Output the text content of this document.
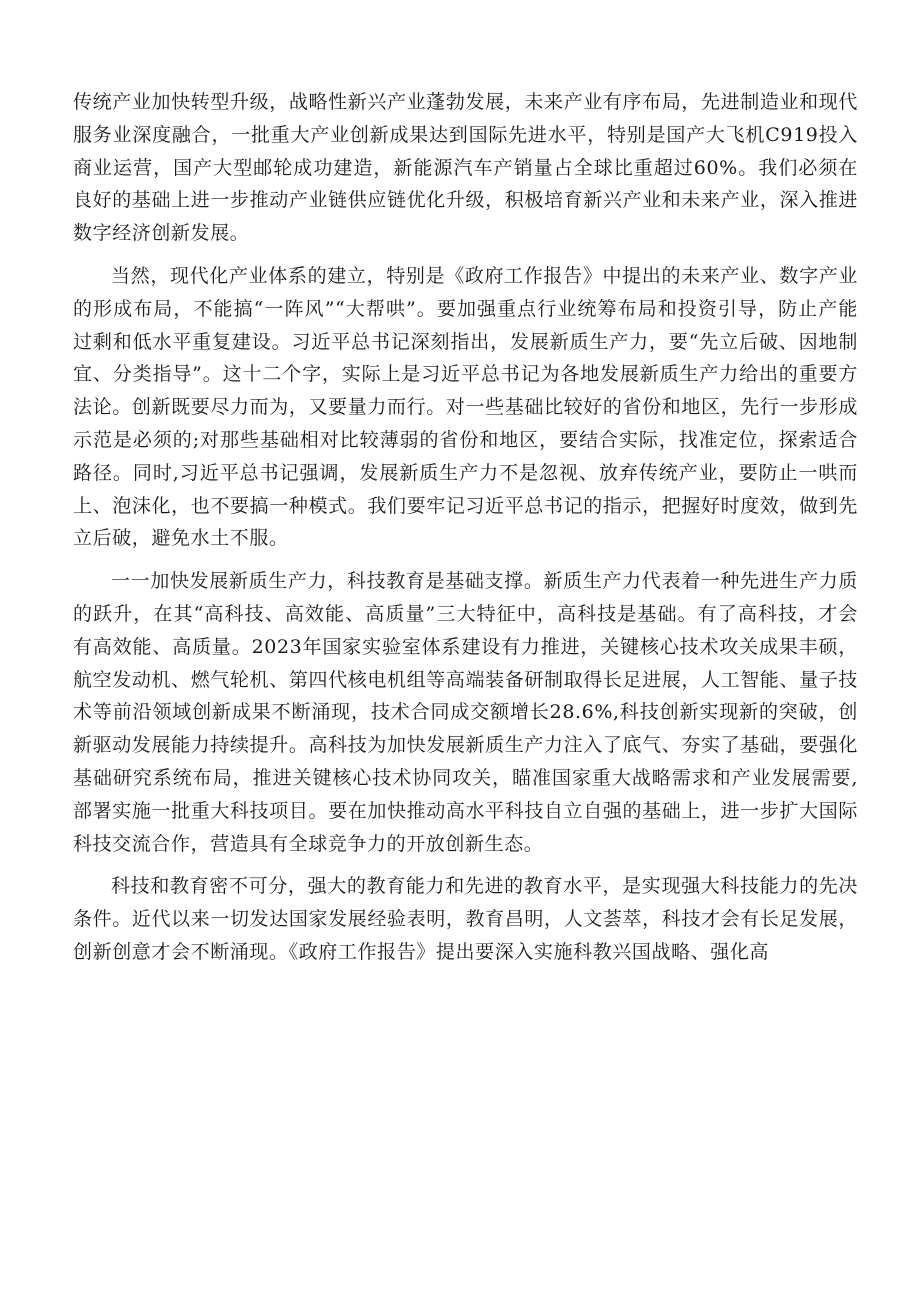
传统产业加快转型升级，战略性新兴产业蓬勃发展，未来产业有序布局，先进制造业和现代服务业深度融合，一批重大产业创新成果达到国际先进水平，特别是国产大飞机C919投入商业运营，国产大型邮轮成功建造，新能源汽车产销量占全球比重超过60%。我们必须在良好的基础上进一步推动产业链供应链优化升级，积极培育新兴产业和未来产业，深入推进数字经济创新发展。

当然，现代化产业体系的建立，特别是《政府工作报告》中提出的未来产业、数字产业的形成布局，不能搞“一阵风”“大帮哄”。要加强重点行业统筹布局和投资引导，防止产能过剩和低水平重复建设。习近平总书记深刻指出，发展新质生产力，要“先立后破、因地制宜、分类指导”。这十二个字，实际上是习近平总书记为各地发展新质生产力给出的重要方法论。创新既要尽力而为，又要量力而行。对一些基础比较好的省份和地区，先行一步形成示范是必须的;对那些基础相对比较薄弱的省份和地区，要结合实际，找准定位，探索适合路径。同时,习近平总书记强调，发展新质生产力不是忽视、放弃传统产业，要防止一哄而上、泡沫化，也不要搞一种模式。我们要牢记习近平总书记的指示，把握好时度效，做到先立后破，避免水土不服。

一一加快发展新质生产力，科技教育是基础支撑。新质生产力代表着一种先进生产力质的跃升，在其“高科技、高效能、高质量”三大特征中，高科技是基础。有了高科技，才会有高效能、高质量。2023年国家实验室体系建设有力推进，关键核心技术攻关成果丰硕，航空发动机、燃气轮机、第四代核电机组等高端装备研制取得长足进展，人工智能、量子技术等前沿领域创新成果不断涌现，技术合同成交额增长28.6%,科技创新实现新的突破，创新驱动发展能力持续提升。高科技为加快发展新质生产力注入了底气、夯实了基础，要强化基础研究系统布局，推进关键核心技术协同攻关，瞄准国家重大战略需求和产业发展需要,部署实施一批重大科技项目。要在加快推动高水平科技自立自强的基础上，进一步扩大国际科技交流合作，营造具有全球竞争力的开放创新生态。

科技和教育密不可分，强大的教育能力和先进的教育水平，是实现强大科技能力的先决条件。近代以来一切发达国家发展经验表明，教育昌明，人文荟萃，科技才会有长足发展，创新创意才会不断涌现。《政府工作报告》提出要深入实施科教兴国战略、强化高
